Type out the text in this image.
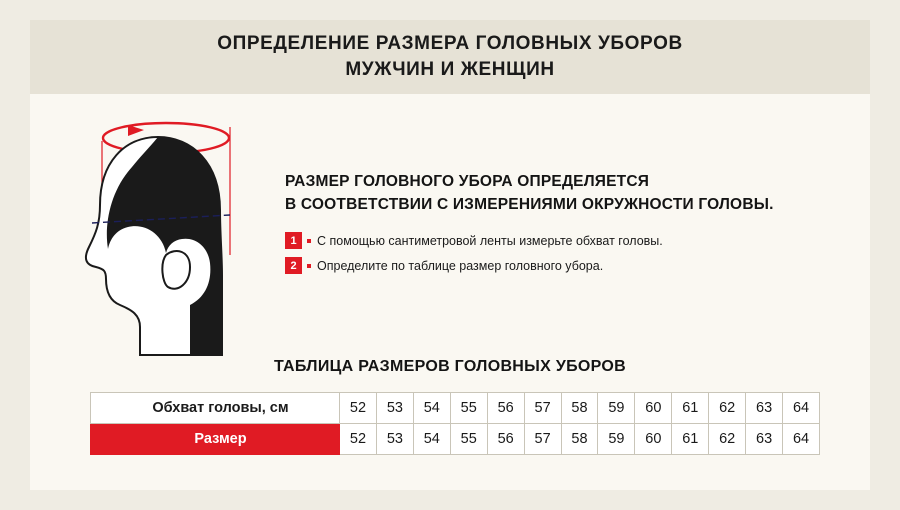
ОПРЕДЕЛЕНИЕ РАЗМЕРА ГОЛОВНЫХ УБОРОВ
МУЖЧИН И ЖЕНЩИН
РАЗМЕР ГОЛОВНОГО УБОРА ОПРЕДЕЛЯЕТСЯ
В СООТВЕТСТВИИ С ИЗМЕРЕНИЯМИ ОКРУЖНОСТИ ГОЛОВЫ.
1	С помощью сантиметровой ленты измерьте обхват головы.
2	Определите по таблице размер головного убора.
ТАБЛИЦА РАЗМЕРОВ ГОЛОВНЫХ УБОРОВ
Обхват головы, см	52	53	54	55	56	57	58	59	60	61	62	63	64
Размер	52	53	54	55	56	57	58	59	60	61	62	63	64
